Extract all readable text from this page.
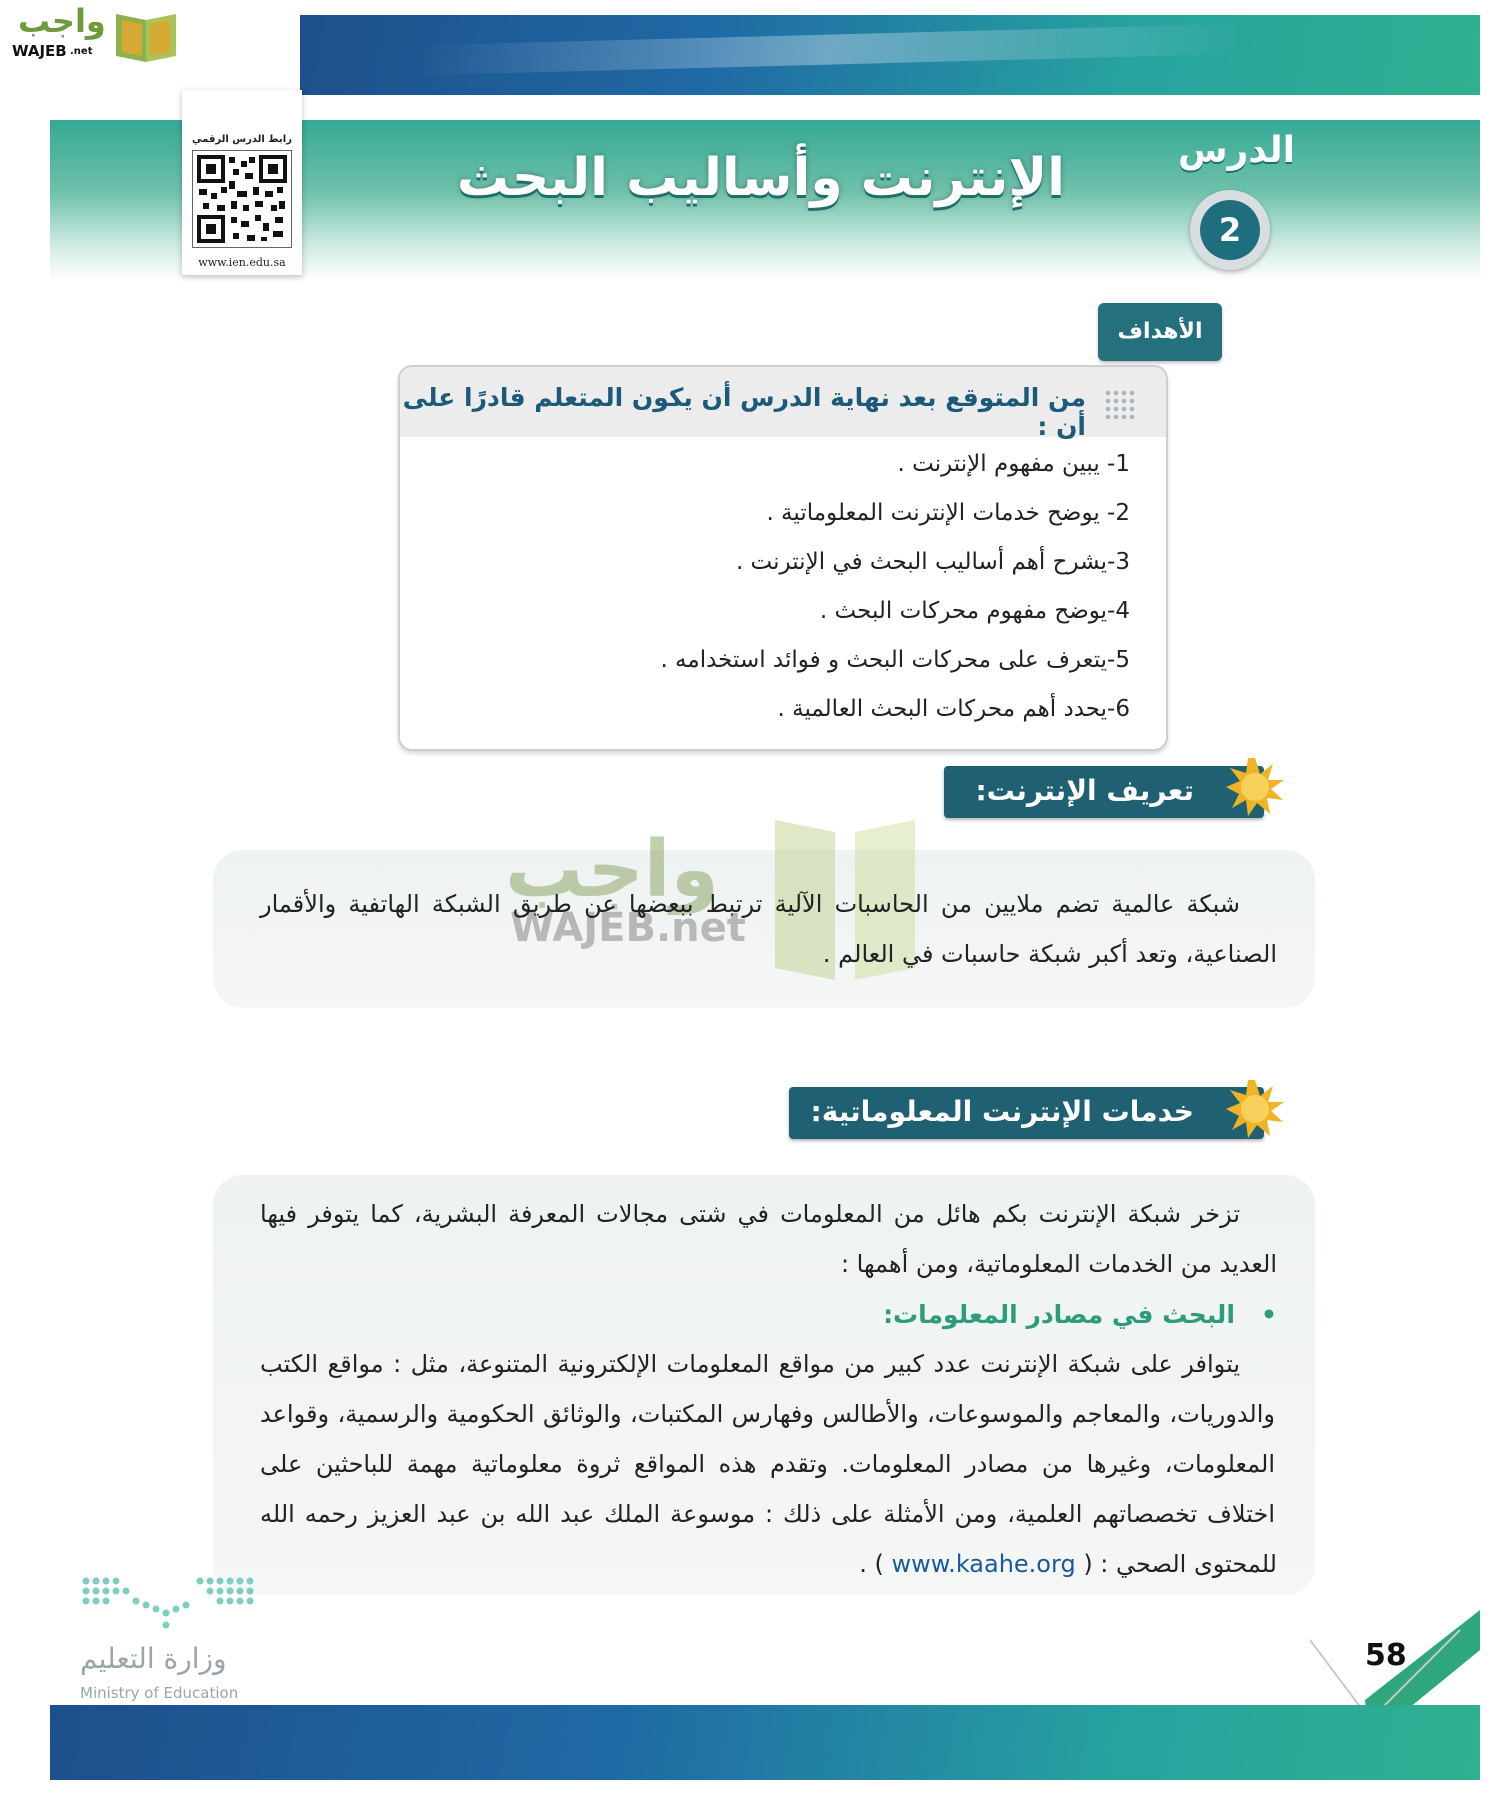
واجب
WAJEB .net
رابط الدرس الرقمي
www.ien.edu.sa
الإنترنت وأساليب البحث	الدرس
2
من المتوقع بعد نهاية الدرس أن يكون المتعلم قادرًا على أن :
1- يبين مفهوم الإنترنت .
2- يوضح خدمات الإنترنت المعلوماتية .
3-يشرح أهم أساليب البحث في الإنترنت .
4-يوضح مفهوم محركات البحث .
5-يتعرف على محركات البحث و فوائد استخدامه .
6-يحدد أهم محركات البحث العالمية .
الأهداف
تعريف الإنترنت:
واجب
WAJEB.net
شبكة عالمية تضم ملايين من الحاسبات الآلية ترتبط ببعضها عن طريق الشبكة الهاتفية والأقمار
الصناعية، وتعد أكبر شبكة حاسبات في العالم .
خدمات الإنترنت المعلوماتية:
تزخر شبكة الإنترنت بكم هائل من المعلومات في شتى مجالات المعرفة البشرية، كما يتوفر فيها
العديد من الخدمات المعلوماتية، ومن أهمها :
•   البحث في مصادر المعلومات:
يتوافر على شبكة الإنترنت عدد كبير من مواقع المعلومات الإلكترونية المتنوعة، مثل : مواقع الكتب
والدوريات، والمعاجم والموسوعات، والأطالس وفهارس المكتبات، والوثائق الحكومية والرسمية، وقواعد
المعلومات، وغيرها من مصادر المعلومات. وتقدم هذه المواقع ثروة معلوماتية مهمة للباحثين على
اختلاف تخصصاتهم العلمية، ومن الأمثلة على ذلك : موسوعة الملك عبد الله بن عبد العزيز رحمه الله
للمحتوى الصحي : ( www.kaahe.org ) .
58
وزارة التعليم
Ministry of Education
